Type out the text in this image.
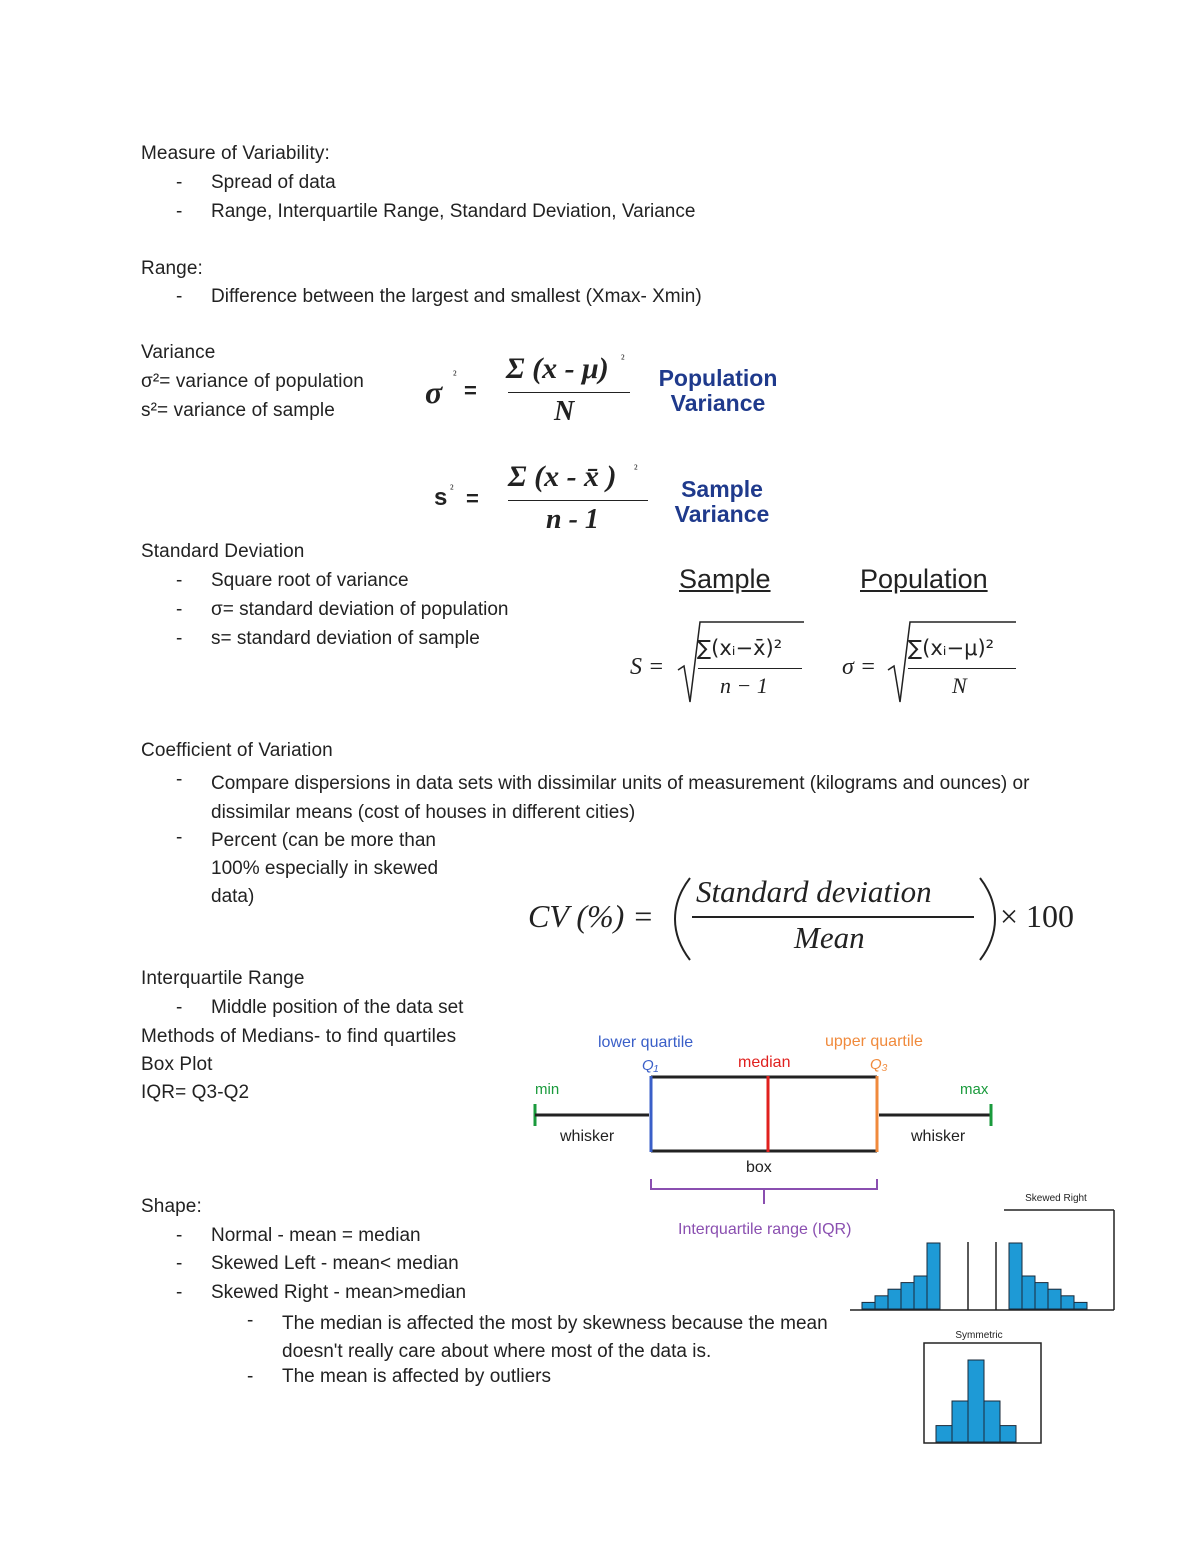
Measure of Variability:
- Spread of data
- Range, Interquartile Range, Standard Deviation, Variance
Range:
- Difference between the largest and smallest (Xmax- Xmin)
Variance
σ²= variance of population
s²= variance of sample
σ ²
=
Σ (x - μ) ²
N
Population
Variance
s ² =
Σ (x - x̄ ) ²
n - 1
Sample
Variance
Standard Deviation
- Square root of variance
- σ= standard deviation of population
- s= standard deviation of sample
Sample	Population
S =
∑(xᵢ−x̄)²
n − 1
σ =
∑(xᵢ−μ)²
N
Coefficient of Variation
- Compare dispersions in data sets with dissimilar units of measurement (kilograms and ounces) or dissimilar means (cost of houses in different cities)
- Percent (can be more than 100% especially in skewed data)
CV (%) =
Standard deviation
Mean
× 100
Interquartile Range
- Middle position of the data set
Methods of Medians- to find quartiles
Box Plot
IQR= Q3-Q2
lower quartile
Q₁	median
upper quartile
Q₃
min	max
whisker	whisker
box
Interquartile range (IQR)
Shape:
- Normal - mean = median
- Skewed Left - mean< median
- Skewed Right - mean>median
- The median is affected the most by skewness because the mean doesn't really care about where most of the data is.
- The mean is affected by outliers
Skewed Right
Symmetric
